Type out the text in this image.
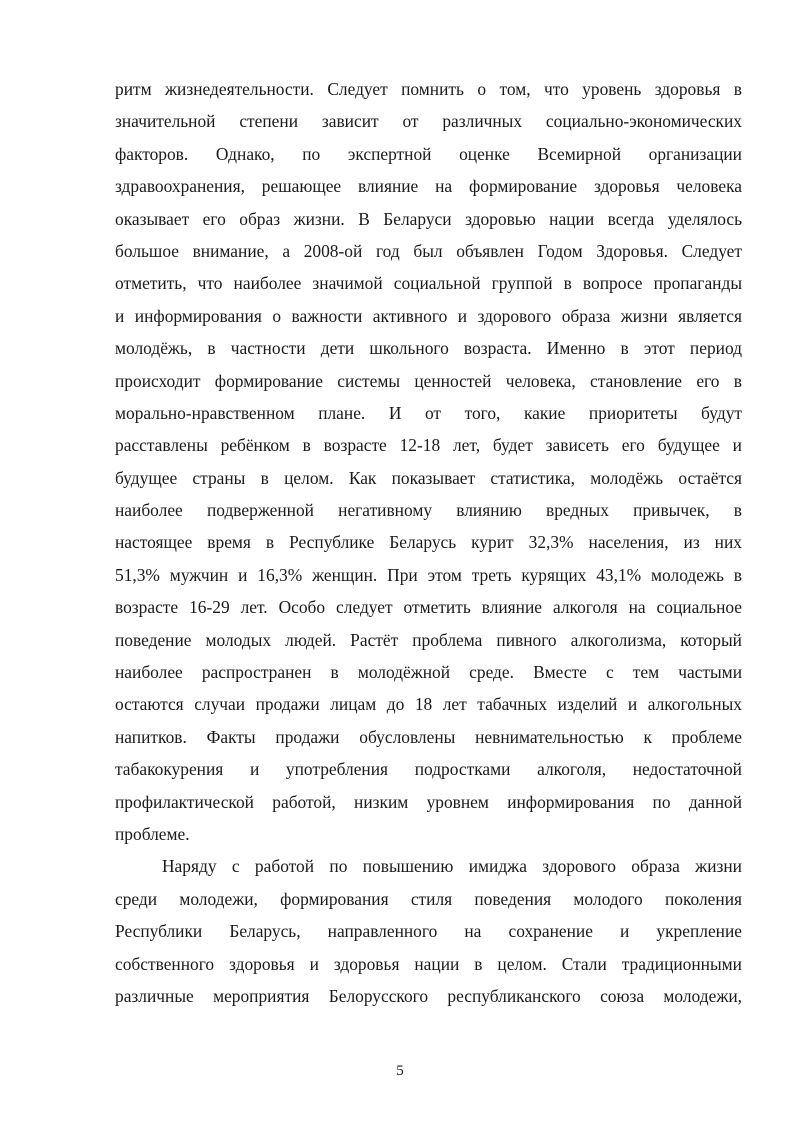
ритм жизнедеятельности. Следует помнить о том, что уровень здоровья в
значительной степени зависит от различных социально-экономических
факторов. Однако, по экспертной оценке Всемирной организации
здравоохранения, решающее влияние на формирование здоровья человека
оказывает его образ жизни. В Беларуси здоровью нации всегда уделялось
большое внимание, а 2008-ой год был объявлен Годом Здоровья. Следует
отметить, что наиболее значимой социальной группой в вопросе пропаганды
и информирования о важности активного и здорового образа жизни является
молодёжь, в частности дети школьного возраста. Именно в этот период
происходит формирование системы ценностей человека, становление его в
морально-нравственном плане. И от того, какие приоритеты будут
расставлены ребёнком в возрасте 12-18 лет, будет зависеть его будущее и
будущее страны в целом. Как показывает статистика, молодёжь остаётся
наиболее подверженной негативному влиянию вредных привычек, в
настоящее время в Республике Беларусь курит 32,3% населения, из них
51,3% мужчин и 16,3% женщин. При этом треть курящих 43,1% молодежь в
возрасте 16-29 лет. Особо следует отметить влияние алкоголя на социальное
поведение молодых людей. Растёт проблема пивного алкоголизма, который
наиболее распространен в молодёжной среде. Вместе с тем частыми
остаются случаи продажи лицам до 18 лет табачных изделий и алкогольных
напитков. Факты продажи обусловлены невнимательностью к проблеме
табакокурения и употребления подростками алкоголя, недостаточной
профилактической работой, низким уровнем информирования по данной
проблеме.
Наряду с работой по повышению имиджа здорового образа жизни
среди молодежи, формирования стиля поведения молодого поколения
Республики Беларусь, направленного на сохранение и укрепление
собственного здоровья и здоровья нации в целом. Стали традиционными
различные мероприятия Белорусского республиканского союза молодежи,
5
